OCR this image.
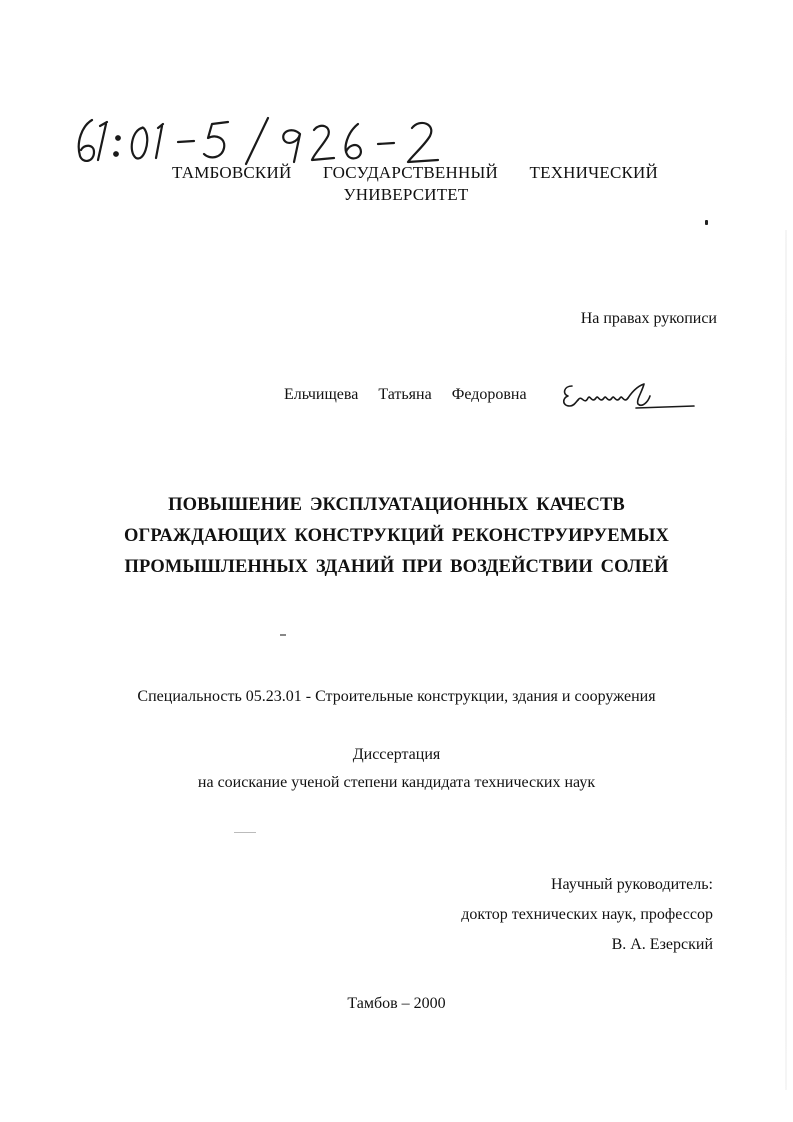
ТАМБОВСКИЙ ГОСУДАРСТВЕННЫЙ ТЕХНИЧЕСКИЙ
УНИВЕРСИТЕТ
На правах рукописи
Ельчищева Татьяна Федоровна
ПОВЫШЕНИЕ ЭКСПЛУАТАЦИОННЫХ КАЧЕСТВ
ОГРАЖДАЮЩИХ КОНСТРУКЦИЙ РЕКОНСТРУИРУЕМЫХ
ПРОМЫШЛЕННЫХ ЗДАНИЙ ПРИ ВОЗДЕЙСТВИИ СОЛЕЙ
Специальность 05.23.01 - Строительные конструкции, здания и сооружения
Диссертация
на соискание ученой степени кандидата технических наук
Научный руководитель:
доктор технических наук, профессор
В. А. Езерский
Тамбов – 2000
